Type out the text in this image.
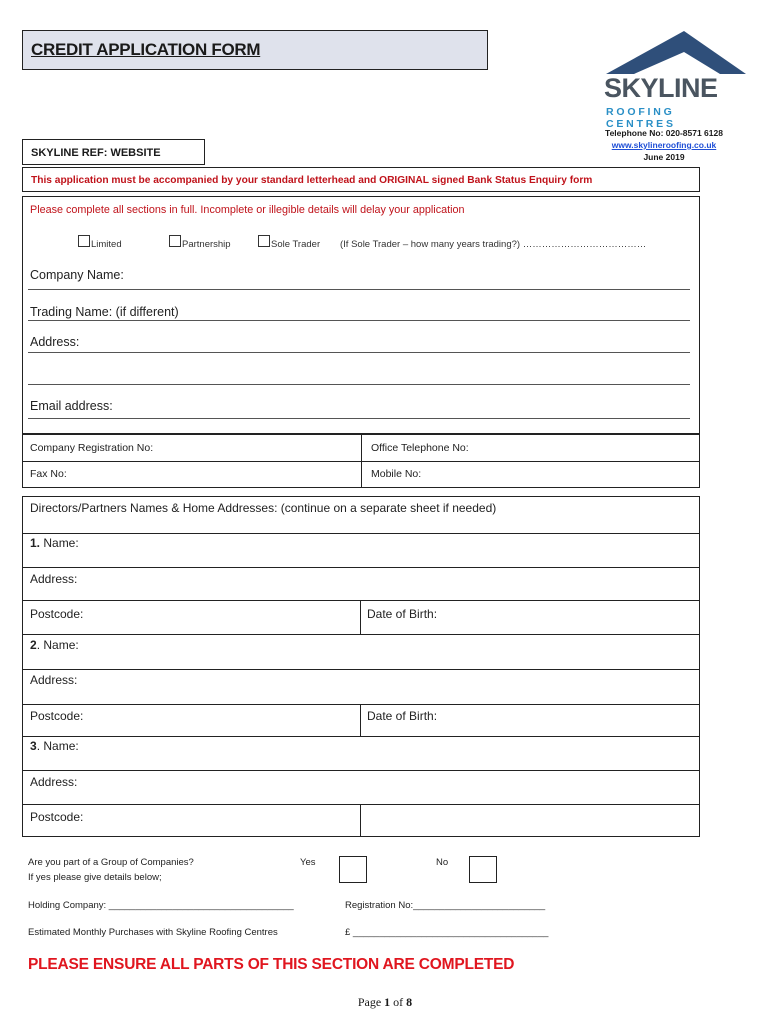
CREDIT APPLICATION FORM
SKYLINE
ROOFING CENTRES
Telephone No: 020-8571 6128
www.skylineroofing.co.uk
June 2019
SKYLINE REF: WEBSITE
This application must be accompanied by your standard letterhead and ORIGINAL signed Bank Status Enquiry form
Please complete all sections in full. Incomplete or illegible details will delay your application
Limited	Partnership	Sole Trader (If Sole Trader – how many years trading?) …………………………………
Company Name:
Trading Name: (if different)
Address:
Email address:
Company Registration No:	Office Telephone No:
Fax No:	Mobile No:
Directors/Partners Names & Home Addresses: (continue on a separate sheet if needed)
1. Name:
Address:
Postcode:	Date of Birth:
2. Name:
Address:
Postcode:	Date of Birth:
3. Name:
Address:
Postcode:
Are you part of a Group of Companies?
If yes please give details below;
Yes	No
Holding Company: ___________________________________	Registration No:_________________________
Estimated Monthly Purchases with Skyline Roofing Centres	£ _____________________________________
PLEASE ENSURE ALL PARTS OF THIS SECTION ARE COMPLETED
Page 1 of 8
